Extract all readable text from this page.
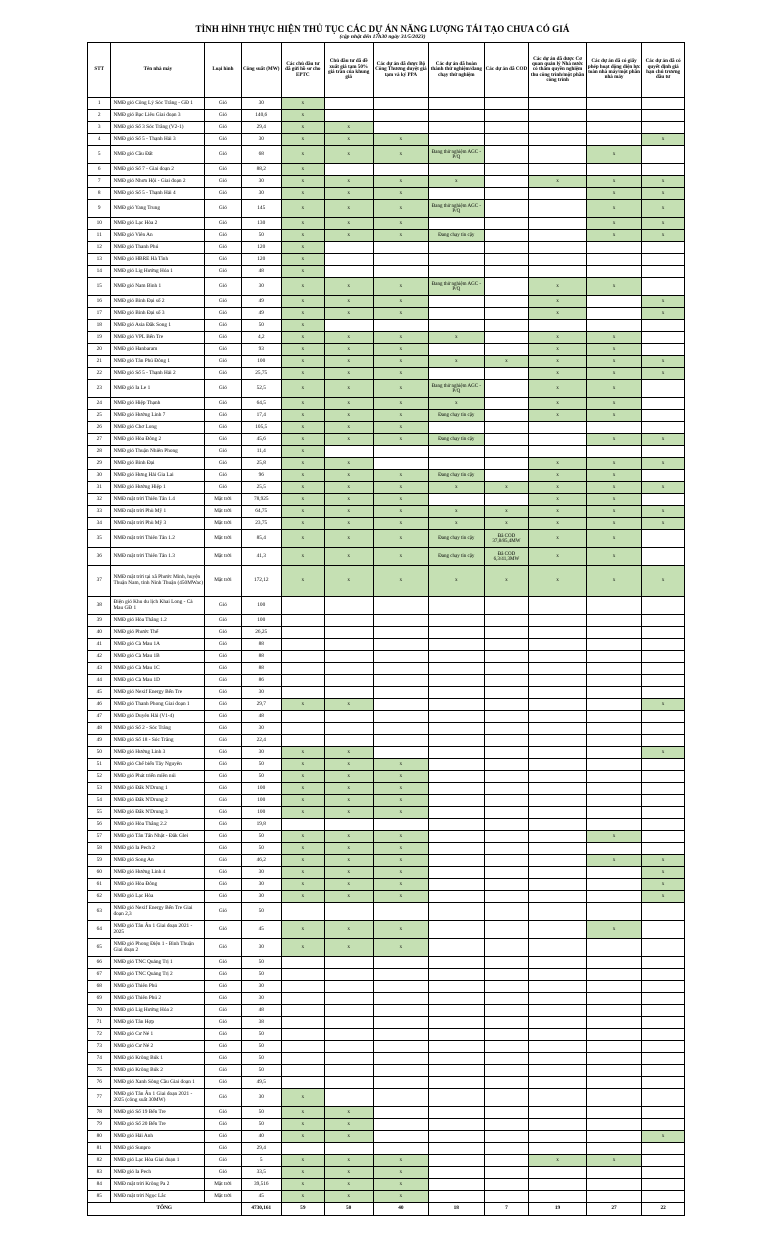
TÌNH HÌNH THỰC HIỆN THỦ TỤC CÁC DỰ ÁN NĂNG LƯỢNG TÁI TẠO CHƯA CÓ GIÁ
(cập nhật đến 17h30 ngày 31/5/2023)
STT	Tên nhà máy	Loại hình	Công suất (MW)	Các chủ đầu tư đã gửi hồ sơ cho EPTC	Chủ đầu tư đã đề xuất giá tạm 50% giá trần của khung giá	Các dự án đã được Bộ Công Thương duyệt giá tạm và ký PPA	Các dự án đã hoàn thành thử nghiệm/đang chạy thử nghiệm	Các dự án đã COD	Các dự án đã được Cơ quan quản lý Nhà nước có thẩm quyền nghiệm thu công trình/một phần công trình	Các dự án đã có giấy phép hoạt động điện lực toàn nhà máy/một phần nhà máy	Các dự án đã có quyết định giá hạn chủ trương đầu tư
1	NMĐ gió Công Lý Sóc Trăng - GĐ 1	Gió	30	x							
2	NMĐ gió Bạc Liêu Giai đoạn 3	Gió	140,6	x							
3	NMĐ gió Số 3 Sóc Trăng (V2-1)	Gió	29,4	x	x						
4	NMĐ gió Số 5 - Thạnh Hải 3	Gió	30	x	x	x					x
5	NMĐ gió Cầu Đất	Gió	68	x	x	x	Đang thử nghiệm AGC - P/Q			x	
6	NMĐ gió Số 7 - Giai đoạn 2	Gió	88,2	x							
7	NMĐ gió Nhơn Hội - Giai đoạn 2	Gió	30	x	x	x	x		x	x	x
8	NMĐ gió Số 5 - Thạnh Hải 4	Gió	30	x	x	x				x	x
9	NMĐ gió Yang Trung	Gió	145	x	x	x	Đang thử nghiệm AGC - P/Q			x	x
10	NMĐ gió Lạc Hòa 2	Gió	130	x	x	x				x	x
11	NMĐ gió Viên An	Gió	50	x	x	x	Đang chạy tin cậy			x	x
12	NMĐ gió Thanh Phú	Gió	120	x							
13	NMĐ gió HBRE Hà Tĩnh	Gió	120	x							
14	NMĐ gió Lig Hướng Hóa 1	Gió	48	x							
15	NMĐ gió Nam Bình 1	Gió	30	x	x	x	Đang thử nghiệm AGC - P/Q		x	x	
16	NMĐ gió Bình Đại số 2	Gió	49	x	x	x			x		x
17	NMĐ gió Bình Đại số 3	Gió	49	x	x	x			x		x
18	NMĐ gió Asia Đắk Song 1	Gió	50	x							
19	NMĐ gió VPL Bến Tre	Gió	4,2	x	x	x	x		x	x	
20	NMĐ gió Hanbaram	Gió	93	x	x	x			x	x	
21	NMĐ gió Tân Phú Đông 1	Gió	100	x	x	x	x	x	x	x	x
22	NMĐ gió Số 5 - Thạnh Hải 2	Gió	25,75	x	x	x			x	x	x
23	NMĐ gió Ia Le 1	Gió	52,5	x	x	x	Đang thử nghiệm AGC - P/Q		x	x	
24	NMĐ gió Hiệp Thạnh	Gió	64,5	x	x	x	x		x	x	
25	NMĐ gió Hướng Linh 7	Gió	17,4	x	x	x	Đang chạy tin cậy		x	x	
26	NMĐ gió Chơ Long	Gió	105,5	x	x	x					
27	NMĐ gió Hòa Đông 2	Gió	45,6	x	x	x	Đang chạy tin cậy			x	x
28	NMĐ gió Thuận Nhiên Phong	Gió	11,4	x							
29	NMĐ gió Bình Đại	Gió	25,8	x	x				x	x	x
30	NMĐ gió Hưng Hải Gia Lai	Gió	96	x	x	x	Đang chạy tin cậy		x	x	
31	NMĐ gió Hướng Hiệp 1	Gió	25,5	x	x	x	x	x	x	x	x
32	NMĐ mặt trời Thiên Tân 1.4	Mặt trời	78,925	x	x	x			x	x	
33	NMĐ mặt trời Phù Mỹ 1	Mặt trời	64,75	x	x	x	x	x	x	x	x
34	NMĐ mặt trời Phù Mỹ 3	Mặt trời	23,75	x	x	x	x	x	x	x	x
35	NMĐ mặt trời Thiên Tân 1.2	Mặt trời	85,4	x	x	x	Đang chạy tin cậy	Đã COD 37,8/85,4MW	x	x	
36	NMĐ mặt trời Thiên Tân 1.3	Mặt trời	41,3	x	x	x	Đang chạy tin cậy	Đã COD 6,3/41,3MW	x	x	
37	NMĐ mặt trời tại xã Phước Minh, huyện Thuận Nam, tỉnh Ninh Thuận (450MWac)	Mặt trời	172,12	x	x	x	x	x	x	x	x
38	Điện gió Khu du lịch Khai Long - Cà Mau GĐ 1	Gió	100								
39	NMĐ gió Hòa Thắng 1.2	Gió	100								
40	NMĐ gió Phước Thể	Gió	26,25								
41	NMĐ gió Cà Mau 1A	Gió	88								
42	NMĐ gió Cà Mau 1B	Gió	88								
43	NMĐ gió Cà Mau 1C	Gió	88								
44	NMĐ gió Cà Mau 1D	Gió	86								
45	NMĐ gió Nexif Energy Bến Tre	Gió	30								
46	NMĐ gió Thanh Phong Giai đoạn 1	Gió	29,7	x	x						x
47	NMĐ gió Duyên Hải (V1-4)	Gió	48								
48	NMĐ gió Số 2 - Sóc Trăng	Gió	30								
49	NMĐ gió Số 18 - Sóc Trăng	Gió	22,4								
50	NMĐ gió Hướng Linh 3	Gió	30	x	x						x
51	NMĐ gió Chế biến Tây Nguyên	Gió	50	x	x	x					
52	NMĐ gió Phát triển miền núi	Gió	50	x	x	x					
53	NMĐ gió Đắk N'Drung 1	Gió	100	x	x	x					
54	NMĐ gió Đắk N'Drung 2	Gió	100	x	x	x					
55	NMĐ gió Đắk N'Drung 3	Gió	100	x	x	x					
56	NMĐ gió Hòa Thắng 2.2	Gió	19,8								
57	NMĐ gió Tân Tấn Nhật - Đăk Glei	Gió	50	x	x	x				x	
58	NMĐ gió Ia Pech 2	Gió	50	x	x	x					
59	NMĐ gió Song An	Gió	46,2	x	x	x				x	x
60	NMĐ gió Hướng Linh 4	Gió	30	x	x	x					x
61	NMĐ gió Hòa Đông	Gió	30	x	x	x					x
62	NMĐ gió Lạc Hòa	Gió	30	x	x	x					x
63	NMĐ gió Nexif Energy Bến Tre Giai đoạn 2,3	Gió	50								
64	NMĐ gió Tân Ân 1 Giai đoạn 2021 - 2025	Gió	45	x	x	x				x	
65	NMĐ gió Phong Điện 1 - Bình Thuận Giai đoạn 2	Gió	30	x	x	x					
66	NMĐ gió TNC Quảng Trị 1	Gió	50								
67	NMĐ gió TNC Quảng Trị 2	Gió	50								
68	NMĐ gió Thiên Phú	Gió	30								
69	NMĐ gió Thiên Phú 2	Gió	30								
70	NMĐ gió Lig Hướng Hóa 2	Gió	48								
71	NMĐ gió Tân Hợp	Gió	38								
72	NMĐ gió Cư Né 1	Gió	50								
73	NMĐ gió Cư Né 2	Gió	50								
74	NMĐ gió Krông Búk 1	Gió	50								
75	NMĐ gió Krông Búk 2	Gió	50								
76	NMĐ gió Xanh Sông Cầu Giai đoạn 1	Gió	49,5								
77	NMĐ gió Tân Ân 1 Giai đoạn 2021 - 2025 (công suất 30MW)	Gió	30	x							
78	NMĐ gió Số 19 Bến Tre	Gió	50	x	x						
79	NMĐ gió Số 20 Bến Tre	Gió	50	x	x						
80	NMĐ gió Hải Anh	Gió	40	x	x						x
81	NMĐ gió Sunpro	Gió	29,4								
82	NMĐ gió Lạc Hòa Giai đoạn 1	Gió	5	x	x	x			x	x	
83	NMĐ gió Ia Pech	Gió	33,5	x	x	x					
84	NMĐ mặt trời Krông Pa 2	Mặt trời	39,516	x	x	x					
85	NMĐ mặt trời Ngọc Lắc	Mặt trời	45	x	x	x					
TỔNG			4730,161	59	50	40	18	7	19	27	22
